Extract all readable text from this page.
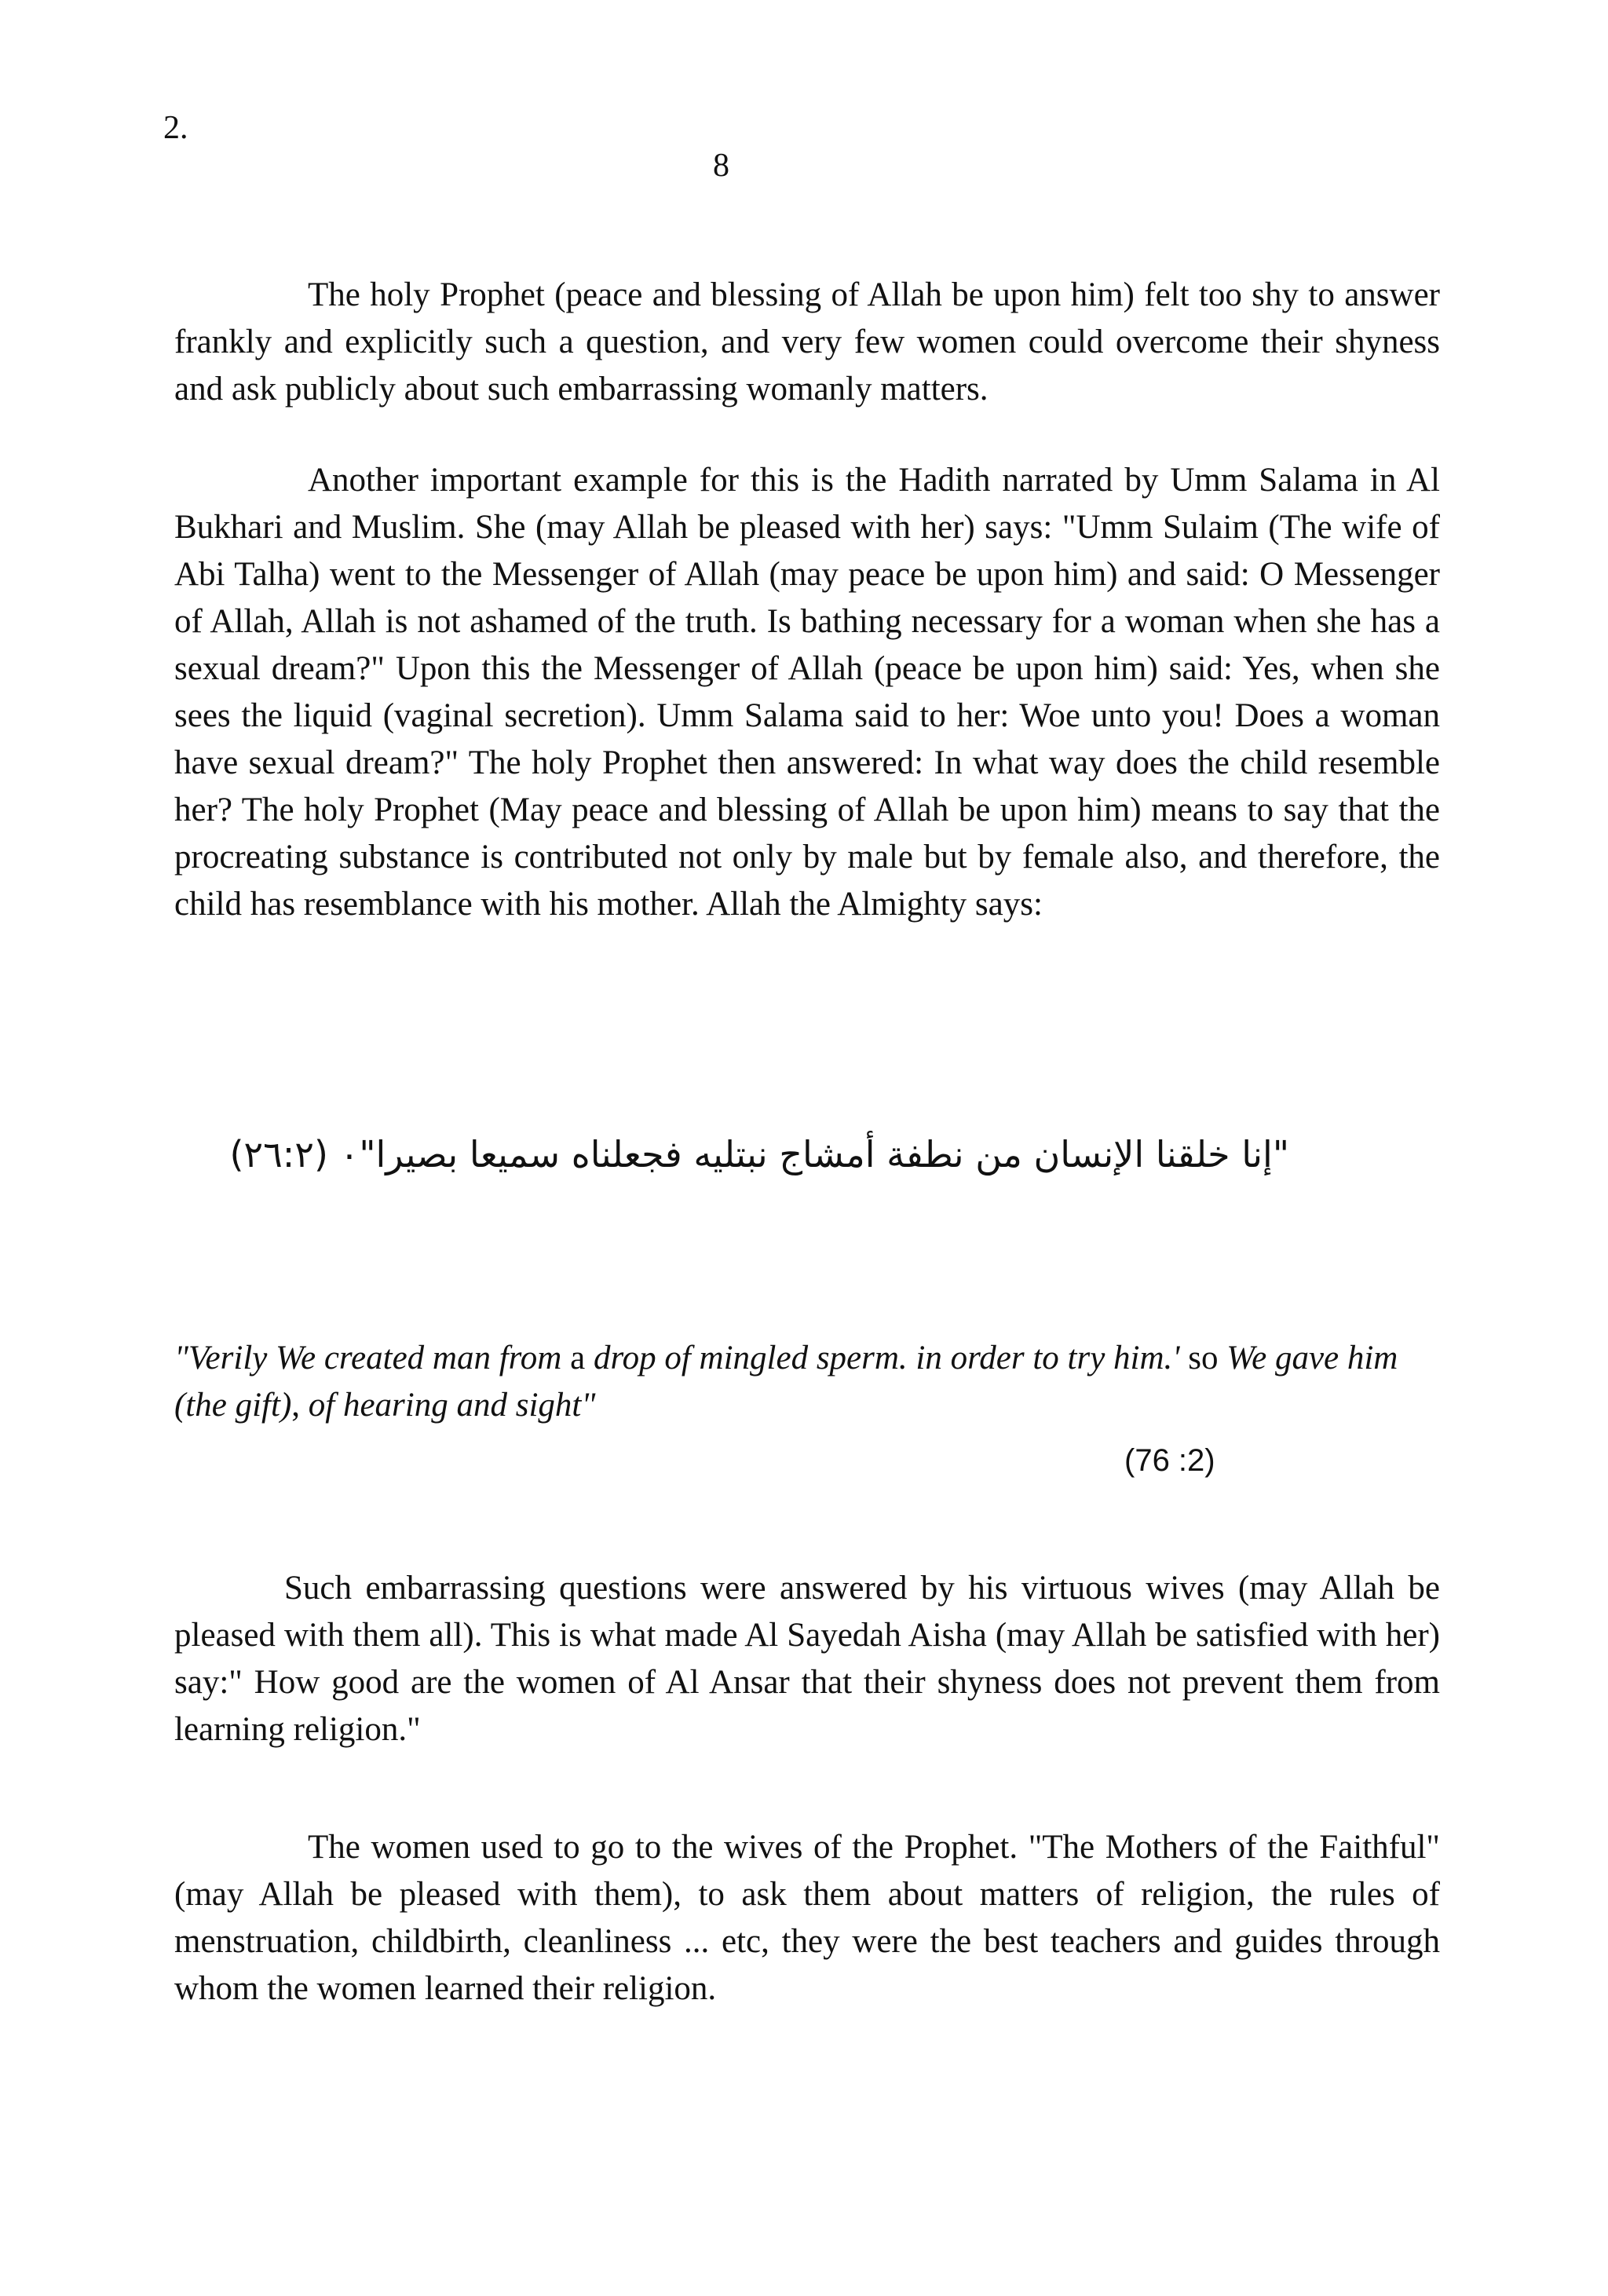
2.
8

The holy Prophet (peace and blessing of Allah be upon him) felt too shy to answer frankly and explicitly such a question, and very few women could overcome their shyness and ask publicly about such embarrassing womanly matters.

Another important example for this is the Hadith narrated by Umm Salama in Al Bukhari and Muslim. She (may Allah be pleased with her) says: "Umm Sulaim (The wife of Abi Talha) went to the Messenger of Allah (may peace be upon him) and said: O Messenger of Allah, Allah is not ashamed of the truth. Is bathing necessary for a woman when she has a sexual dream?" Upon this the Messenger of Allah (peace be upon him) said: Yes, when she sees the liquid (vaginal secretion). Umm Salama said to her: Woe unto you! Does a woman have sexual dream?" The holy Prophet then answered: In what way does the child resemble her? The holy Prophet (May peace and blessing of Allah be upon him) means to say that the procreating substance is contributed not only by male but by female also, and therefore, the child has resemblance with his mother. Allah the Almighty says:

"إنا خلقنا الإنسان من نطفة أمشاج نبتليه فجعلناه سميعا بصيرا"۰ (٢٦:٢)

"Verily We created man from a drop of mingled sperm. in order to try him.' so We gave him (the gift), of hearing and sight"

(76 :2)

Such embarrassing questions were answered by his virtuous wives (may Allah be pleased with them all). This is what made Al Sayedah Aisha (may Allah be satisfied with her) say:" How good are the women of Al Ansar that their shyness does not prevent them from learning religion."

The women used to go to the wives of the Prophet. "The Mothers of the Faithful" (may Allah be pleased with them), to ask them about matters of religion, the rules of menstruation, childbirth, cleanliness ... etc, they were the best teachers and guides through whom the women learned their religion.
